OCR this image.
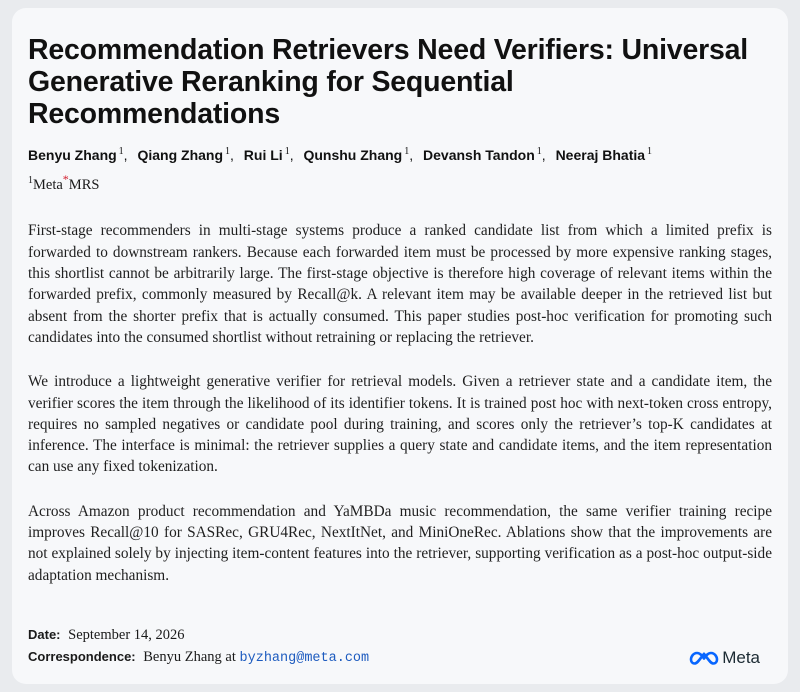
Recommendation Retrievers Need Verifiers: Universal Generative Reranking for Sequential Recommendations
Benyu Zhang $^1$, Qiang Zhang $^1$, Rui Li $^1$, Qunshu Zhang $^1$, Devansh Tandon $^1$, Neeraj Bhatia $^1$
$^1$Meta*MRS

First-stage recommenders in multi-stage systems produce a ranked candidate list from which a limited prefix is forwarded to downstream rankers. Because each forwarded item must be processed by more expensive ranking stages, this shortlist cannot be arbitrarily large. The first-stage objective is therefore high coverage of relevant items within the forwarded prefix, commonly measured by Recall@k. A relevant item may be available deeper in the retrieved list but absent from the shorter prefix that is actually consumed. This paper studies post-hoc verification for promoting such candidates into the consumed shortlist without retraining or replacing the retriever.

We introduce a lightweight generative verifier for retrieval models. Given a retriever state and a candidate item, the verifier scores the item through the likelihood of its identifier tokens. It is trained post hoc with next-token cross entropy, requires no sampled negatives or candidate pool during training, and scores only the retriever’s top-K candidates at inference. The interface is minimal: the retriever supplies a query state and candidate items, and the item representation can use any fixed tokenization.

Across Amazon product recommendation and YaMBDa music recommendation, the same verifier training recipe improves Recall@10 for SASRec, GRU4Rec, NextItNet, and MiniOneRec. Ablations show that the improvements are not explained solely by injecting item-content features into the retriever, supporting verification as a post-hoc output-side adaptation mechanism.

Date: September 14, 2026
Correspondence: Benyu Zhang at byzhang@meta.com	Meta
